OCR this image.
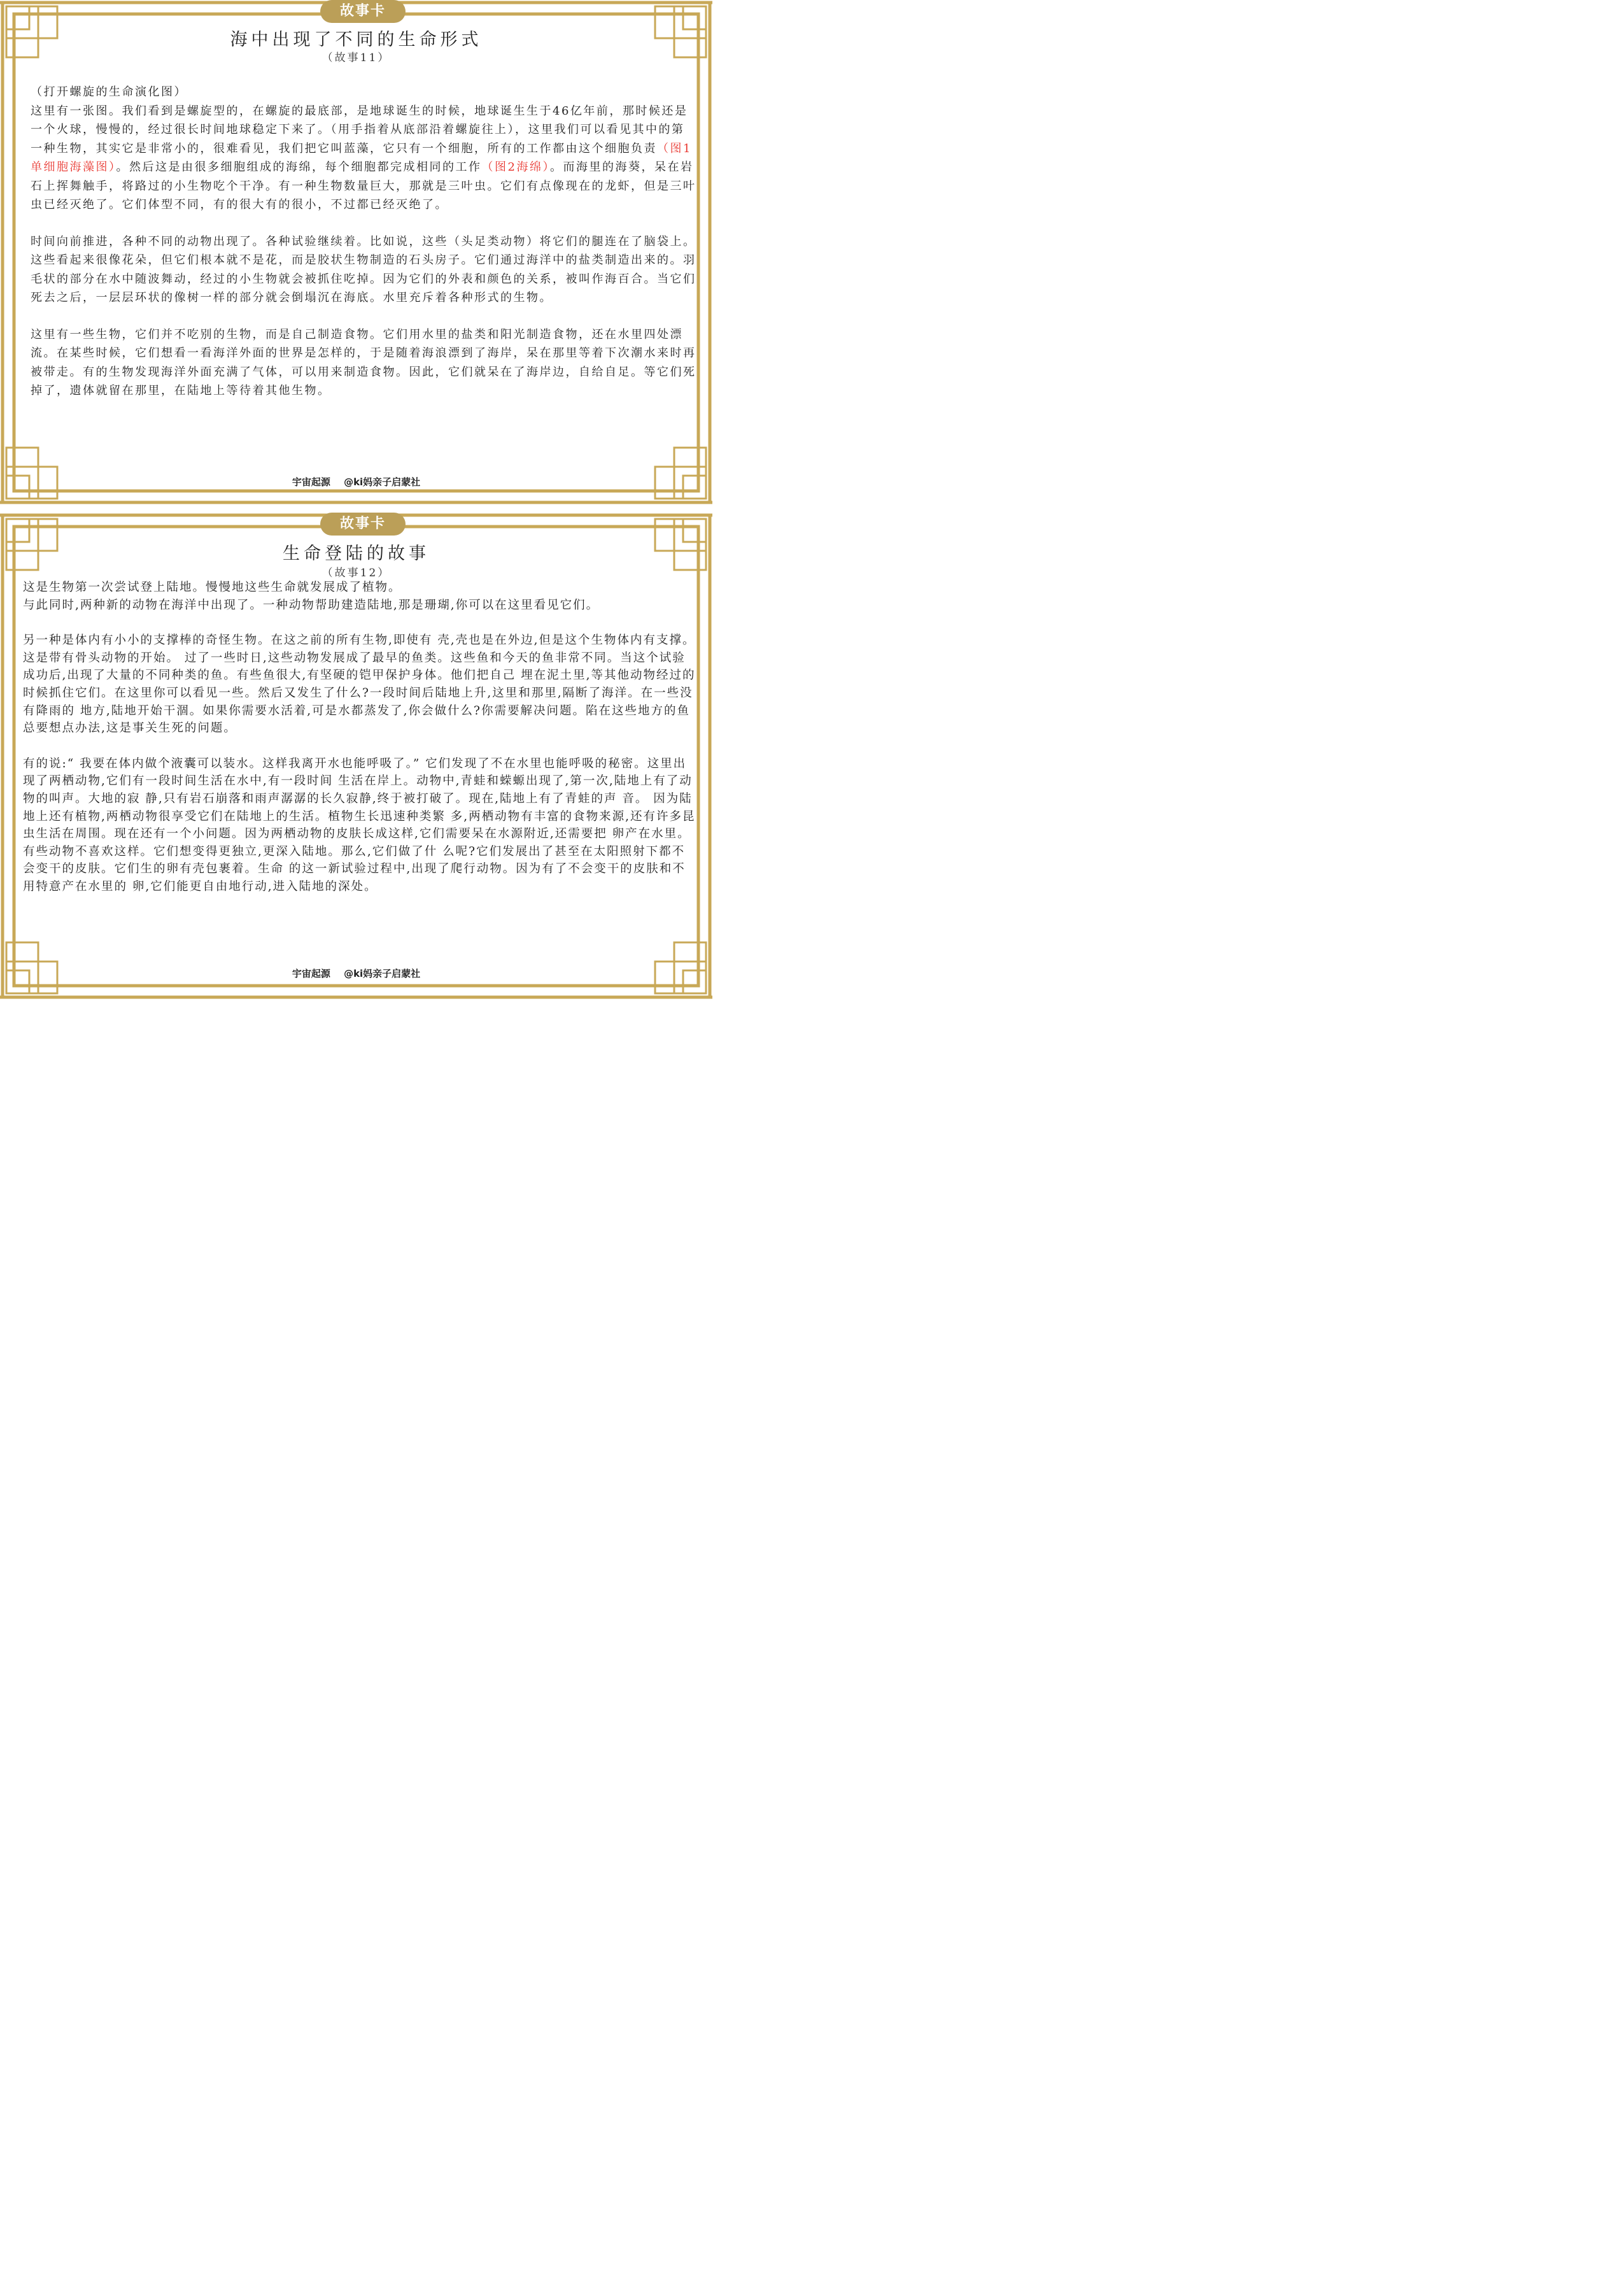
故事卡
海中出现了不同的生命形式
（故事11）

（打开螺旋的生命演化图）
这里有一张图。我们看到是螺旋型的，在螺旋的最底部，是地球诞生的时候，地球诞生生于46亿年前，那时候还是一个火球，慢慢的，经过很长时间地球稳定下来了。（用手指着从底部沿着螺旋往上），这里我们可以看见其中的第一种生物，其实它是非常小的，很难看见，我们把它叫蓝藻，它只有一个细胞，所有的工作都由这个细胞负责（图1单细胞海藻图）。然后这是由很多细胞组成的海绵，每个细胞都完成相同的工作（图2海绵）。而海里的海葵，呆在岩石上挥舞触手，将路过的小生物吃个干净。有一种生物数量巨大，那就是三叶虫。它们有点像现在的龙虾，但是三叶虫已经灭绝了。它们体型不同，有的很大有的很小，不过都已经灭绝了。

时间向前推进，各种不同的动物出现了。各种试验继续着。比如说，这些（头足类动物）将它们的腿连在了脑袋上。这些看起来很像花朵，但它们根本就不是花，而是胶状生物制造的石头房子。它们通过海洋中的盐类制造出来的。羽毛状的部分在水中随波舞动，经过的小生物就会被抓住吃掉。因为它们的外表和颜色的关系，被叫作海百合。当它们死去之后，一层层环状的像树一样的部分就会倒塌沉在海底。水里充斥着各种形式的生物。

这里有一些生物，它们并不吃别的生物，而是自己制造食物。它们用水里的盐类和阳光制造食物，还在水里四处漂流。在某些时候，它们想看一看海洋外面的世界是怎样的，于是随着海浪漂到了海岸，呆在那里等着下次潮水来时再被带走。有的生物发现海洋外面充满了气体，可以用来制造食物。因此，它们就呆在了海岸边，自给自足。等它们死掉了，遗体就留在那里，在陆地上等待着其他生物。

宇宙起源 @ki妈亲子启蒙社
故事卡
生命登陆的故事
（故事12）

这是生物第一次尝试登上陆地。慢慢地这些生命就发展成了植物。
与此同时,两种新的动物在海洋中出现了。一种动物帮助建造陆地,那是珊瑚,你可以在这里看见它们。

另一种是体内有小小的支撑棒的奇怪生物。在这之前的所有生物,即使有 壳,壳也是在外边,但是这个生物体内有支撑。这是带有骨头动物的开始。 过了一些时日,这些动物发展成了最早的鱼类。这些鱼和今天的鱼非常不同。当这个试验 成功后,出现了大量的不同种类的鱼。有些鱼很大,有坚硬的铠甲保护身体。他们把自己 埋在泥土里,等其他动物经过的时候抓住它们。在这里你可以看见一些。然后又发生了什么?一段时间后陆地上升,这里和那里,隔断了海洋。在一些没有降雨的 地方,陆地开始干涸。如果你需要水活着,可是水都蒸发了,你会做什么?你需要解决问题。陷在这些地方的鱼总要想点办法,这是事关生死的问题。

有的说:“ 我要在体内做个液囊可以装水。这样我离开水也能呼吸了。” 它们发现了不在水里也能呼吸的秘密。这里出现了两栖动物,它们有一段时间生活在水中,有一段时间 生活在岸上。动物中,青蛙和蝾螈出现了,第一次,陆地上有了动物的叫声。大地的寂 静,只有岩石崩落和雨声潺潺的长久寂静,终于被打破了。现在,陆地上有了青蛙的声 音。 因为陆地上还有植物,两栖动物很享受它们在陆地上的生活。植物生长迅速种类繁 多,两栖动物有丰富的食物来源,还有许多昆虫生活在周围。现在还有一个小问题。因为两栖动物的皮肤长成这样,它们需要呆在水源附近,还需要把 卵产在水里。有些动物不喜欢这样。它们想变得更独立,更深入陆地。那么,它们做了什 么呢?它们发展出了甚至在太阳照射下都不会变干的皮肤。它们生的卵有壳包裹着。生命 的这一新试验过程中,出现了爬行动物。因为有了不会变干的皮肤和不用特意产在水里的 卵,它们能更自由地行动,进入陆地的深处。

宇宙起源 @ki妈亲子启蒙社
